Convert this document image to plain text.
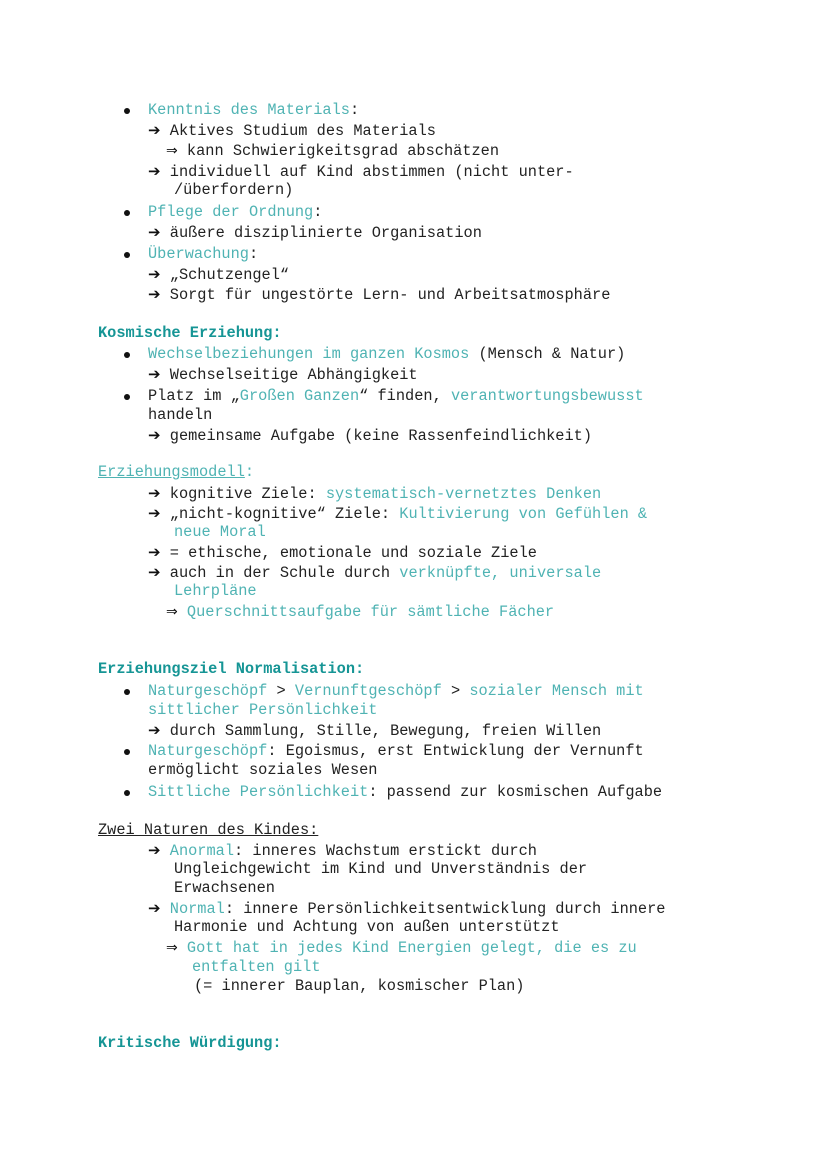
Kenntnis des Materials:
➔ Aktives Studium des Materials
⇒ kann Schwierigkeitsgrad abschätzen
➔ individuell auf Kind abstimmen (nicht unter-
/überfordern)
Pflege der Ordnung:
➔ äußere disziplinierte Organisation
Überwachung:
➔ „Schutzengel“
➔ Sorgt für ungestörte Lern- und Arbeitsatmosphäre
Kosmische Erziehung:
Wechselbeziehungen im ganzen Kosmos (Mensch & Natur)
➔ Wechselseitige Abhängigkeit
Platz im „Großen Ganzen“ finden, verantwortungsbewusst
handeln
➔ gemeinsame Aufgabe (keine Rassenfeindlichkeit)
Erziehungsmodell:
➔ kognitive Ziele: systematisch-vernetztes Denken
➔ „nicht-kognitive“ Ziele: Kultivierung von Gefühlen &
neue Moral
➔ = ethische, emotionale und soziale Ziele
➔ auch in der Schule durch verknüpfte, universale
Lehrpläne
⇒ Querschnittsaufgabe für sämtliche Fächer
Erziehungsziel Normalisation:
Naturgeschöpf > Vernunftgeschöpf > sozialer Mensch mit
sittlicher Persönlichkeit
➔ durch Sammlung, Stille, Bewegung, freien Willen
Naturgeschöpf: Egoismus, erst Entwicklung der Vernunft
ermöglicht soziales Wesen
Sittliche Persönlichkeit: passend zur kosmischen Aufgabe
Zwei Naturen des Kindes:
➔ Anormal: inneres Wachstum erstickt durch
Ungleichgewicht im Kind und Unverständnis der
Erwachsenen
➔ Normal: innere Persönlichkeitsentwicklung durch innere
Harmonie und Achtung von außen unterstützt
⇒ Gott hat in jedes Kind Energien gelegt, die es zu
entfalten gilt
(= innerer Bauplan, kosmischer Plan)
Kritische Würdigung:
